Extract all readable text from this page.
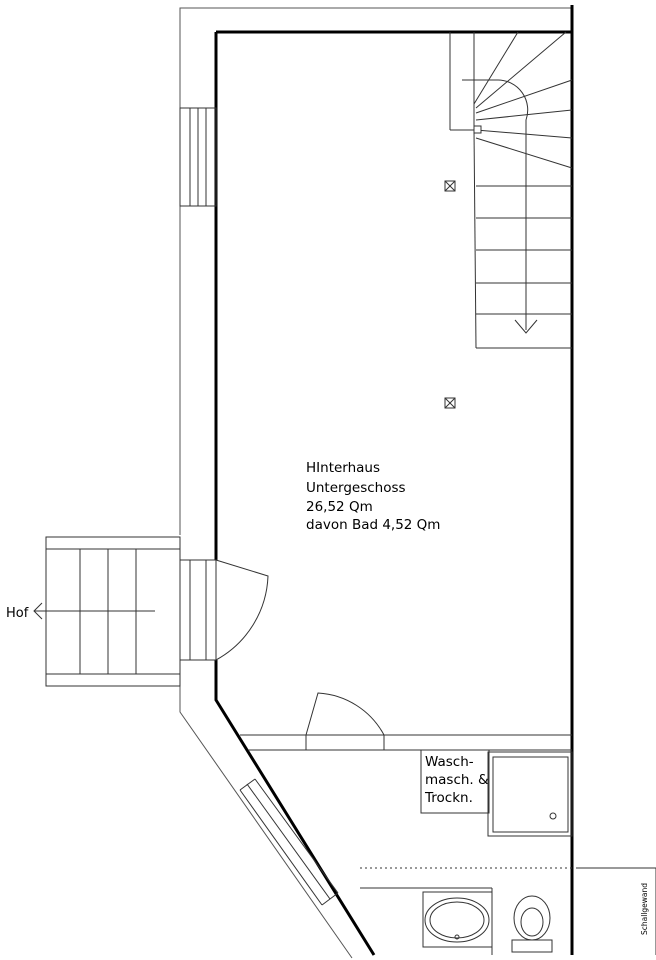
Hof
HInterhaus Untergeschoss 26,52 Qm davon Bad 4,52 Qm
Wasch- masch. & Trockn.
Schallgewand
